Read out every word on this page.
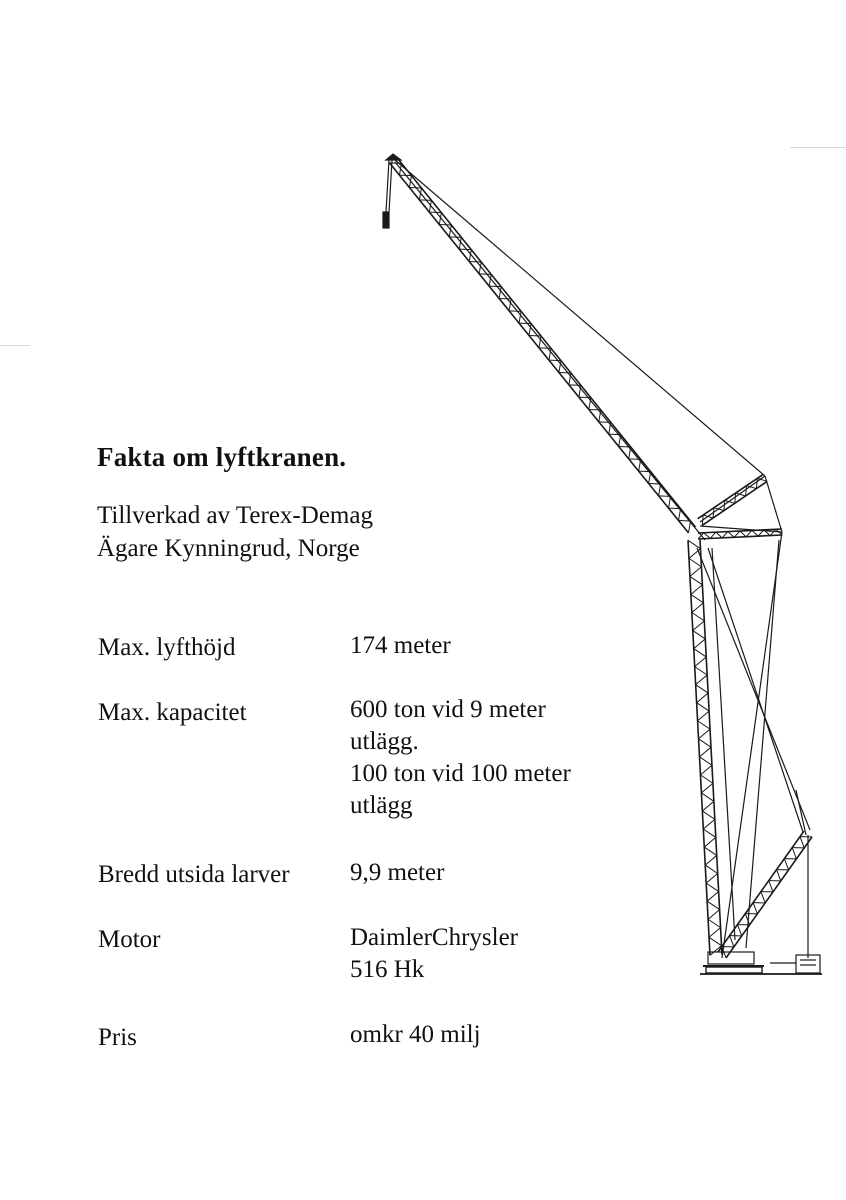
Fakta om lyftkranen.
Tillverkad av Terex-Demag
Ägare Kynningrud, Norge
Max. lyfthöjd	174 meter
Max. kapacitet	600 ton vid 9 meter
utlägg.
100 ton vid 100 meter
utlägg
Bredd utsida larver 9,9 meter
Motor	DaimlerChrysler
516 Hk
Pris	omkr 40 milj
